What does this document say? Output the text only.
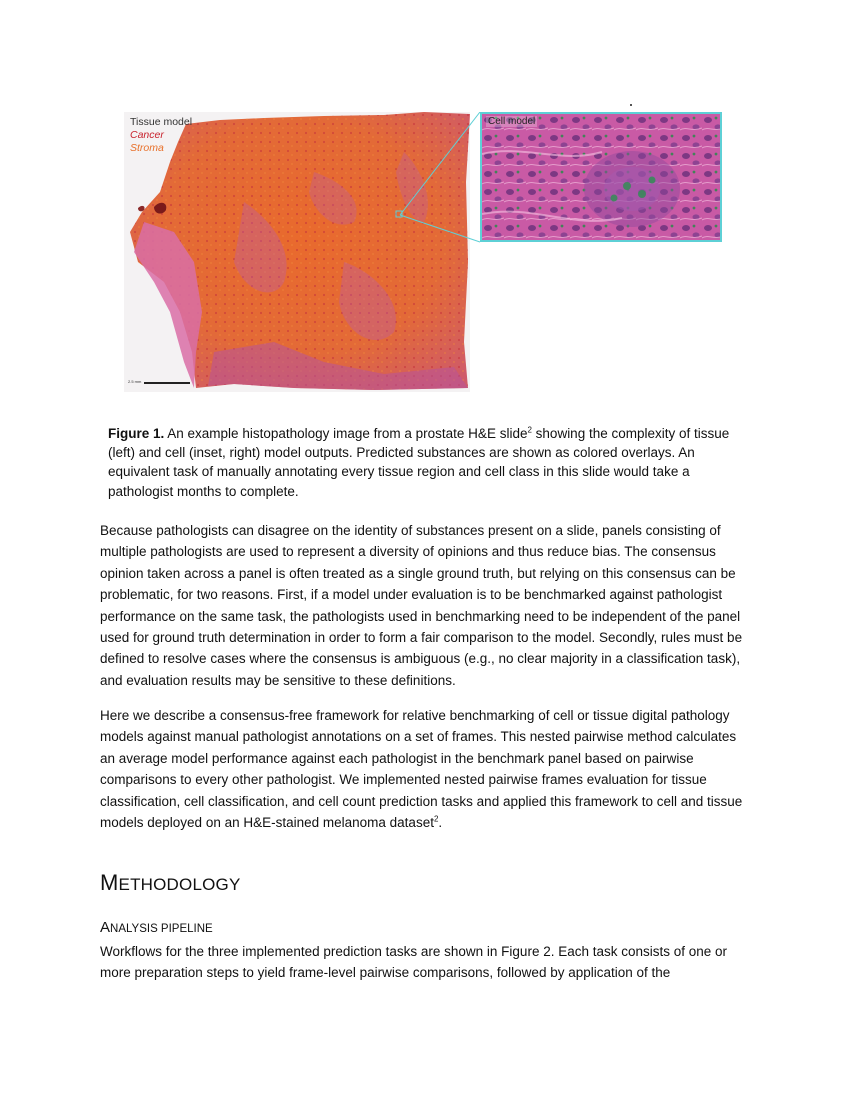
Tissue model
Cancer
Stroma
2.5 mm
Cell model
Figure 1. An example histopathology image from a prostate H&E slide$^2$ showing the complexity of tissue (left) and cell (inset, right) model outputs. Predicted substances are shown as colored overlays. An equivalent task of manually annotating every tissue region and cell class in this slide would take a pathologist months to complete.
Because pathologists can disagree on the identity of substances present on a slide, panels consisting of multiple pathologists are used to represent a diversity of opinions and thus reduce bias. The consensus opinion taken across a panel is often treated as a single ground truth, but relying on this consensus can be problematic, for two reasons. First, if a model under evaluation is to be benchmarked against pathologist performance on the same task, the pathologists used in benchmarking need to be independent of the panel used for ground truth determination in order to form a fair comparison to the model. Secondly, rules must be defined to resolve cases where the consensus is ambiguous (e.g., no clear majority in a classification task), and evaluation results may be sensitive to these definitions.
Here we describe a consensus-free framework for relative benchmarking of cell or tissue digital pathology models against manual pathologist annotations on a set of frames. This nested pairwise method calculates an average model performance against each pathologist in the benchmark panel based on pairwise comparisons to every other pathologist. We implemented nested pairwise frames evaluation for tissue classification, cell classification, and cell count prediction tasks and applied this framework to cell and tissue models deployed on an H&E-stained melanoma dataset$^2$.
METHODOLOGY
ANALYSIS PIPELINE
Workflows for the three implemented prediction tasks are shown in Figure 2. Each task consists of one or more preparation steps to yield frame-level pairwise comparisons, followed by application of the
